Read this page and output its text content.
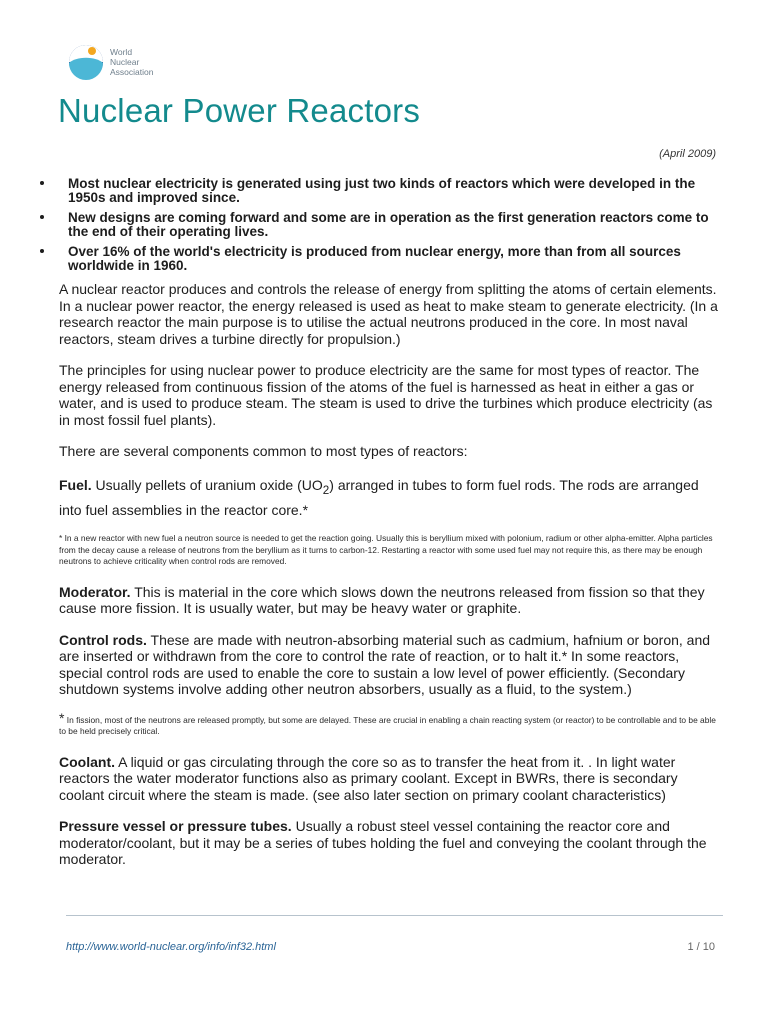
World
Nuclear
Association
Nuclear Power Reactors
(April 2009)
Most nuclear electricity is generated using just two kinds of reactors which were developed in the 1950s and improved since.
New designs are coming forward and some are in operation as the first generation reactors come to the end of their operating lives.
Over 16% of the world's electricity is produced from nuclear energy, more than from all sources worldwide in 1960.

A nuclear reactor produces and controls the release of energy from splitting the atoms of certain elements. In a nuclear power reactor, the energy released is used as heat to make steam to generate electricity. (In a research reactor the main purpose is to utilise the actual neutrons produced in the core. In most naval reactors, steam drives a turbine directly for propulsion.)

The principles for using nuclear power to produce electricity are the same for most types of reactor. The energy released from continuous fission of the atoms of the fuel is harnessed as heat in either a gas or water, and is used to produce steam. The steam is used to drive the turbines which produce electricity (as in most fossil fuel plants).

There are several components common to most types of reactors:

Fuel. Usually pellets of uranium oxide $(UO_2)$ arranged in tubes to form fuel rods. The rods are arranged into fuel assemblies in the reactor core.*

* In a new reactor with new fuel a neutron source is needed to get the reaction going. Usually this is beryllium mixed with polonium, radium or other alpha-emitter. Alpha particles from the decay cause a release of neutrons from the beryllium as it turns to carbon-12. Restarting a reactor with some used fuel may not require this, as there may be enough neutrons to achieve criticality when control rods are removed.

Moderator. This is material in the core which slows down the neutrons released from fission so that they cause more fission. It is usually water, but may be heavy water or graphite.

Control rods. These are made with neutron-absorbing material such as cadmium, hafnium or boron, and are inserted or withdrawn from the core to control the rate of reaction, or to halt it.* In some reactors, special control rods are used to enable the core to sustain a low level of power efficiently. (Secondary shutdown systems involve adding other neutron absorbers, usually as a fluid, to the system.)

* In fission, most of the neutrons are released promptly, but some are delayed. These are crucial in enabling a chain reacting system (or reactor) to be controllable and to be able to be held precisely critical.

Coolant. A liquid or gas circulating through the core so as to transfer the heat from it. . In light water reactors the water moderator functions also as primary coolant. Except in BWRs, there is secondary coolant circuit where the steam is made. (see also later section on primary coolant characteristics)

Pressure vessel or pressure tubes. Usually a robust steel vessel containing the reactor core and moderator/coolant, but it may be a series of tubes holding the fuel and conveying the coolant through the moderator.

http://www.world-nuclear.org/info/inf32.html	1 / 10
